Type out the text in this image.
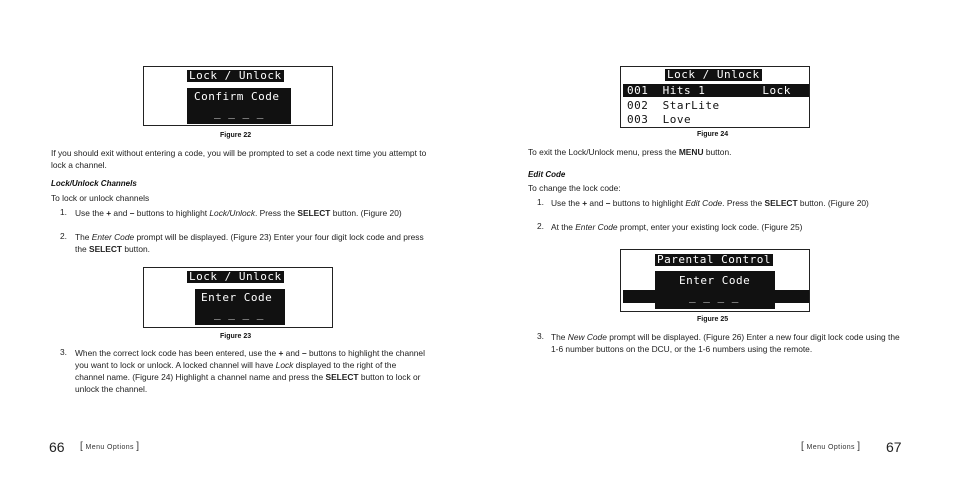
Lock / Unlock
Confirm Code
_ _ _ _
Figure 22
If you should exit without entering a code, you will be prompted to set a code next time you attempt to lock a channel.
Lock/Unlock Channels
To lock or unlock channels
1. Use the + and – buttons to highlight Lock/Unlock. Press the SELECT button. (Figure 20)
2. The Enter Code prompt will be displayed. (Figure 23) Enter your four digit lock code and press the SELECT button.
Lock / Unlock
Enter Code
_ _ _ _
Figure 23
3. When the correct lock code has been entered, use the + and – buttons to highlight the channel you want to lock or unlock. A locked channel will have Lock displayed to the right of the channel name. (Figure 24) Highlight a channel name and press the SELECT button to lock or unlock the channel.
66 [ Menu Options ]
Lock / Unlock
001  Hits 1        Lock
002  StarLite
003  Love
Figure 24
To exit the Lock/Unlock menu, press the MENU button.
Edit Code
To change the lock code:
1. Use the + and – buttons to highlight Edit Code. Press the SELECT button. (Figure 20)
2. At the Enter Code prompt, enter your existing lock code. (Figure 25)
Parental Control
Enter Code
_ _ _ _
Figure 25
3. The New Code prompt will be displayed. (Figure 26) Enter a new four digit lock code using the 1-6 number buttons on the DCU, or the 1-6 numbers using the remote.
[ Menu Options ] 67
